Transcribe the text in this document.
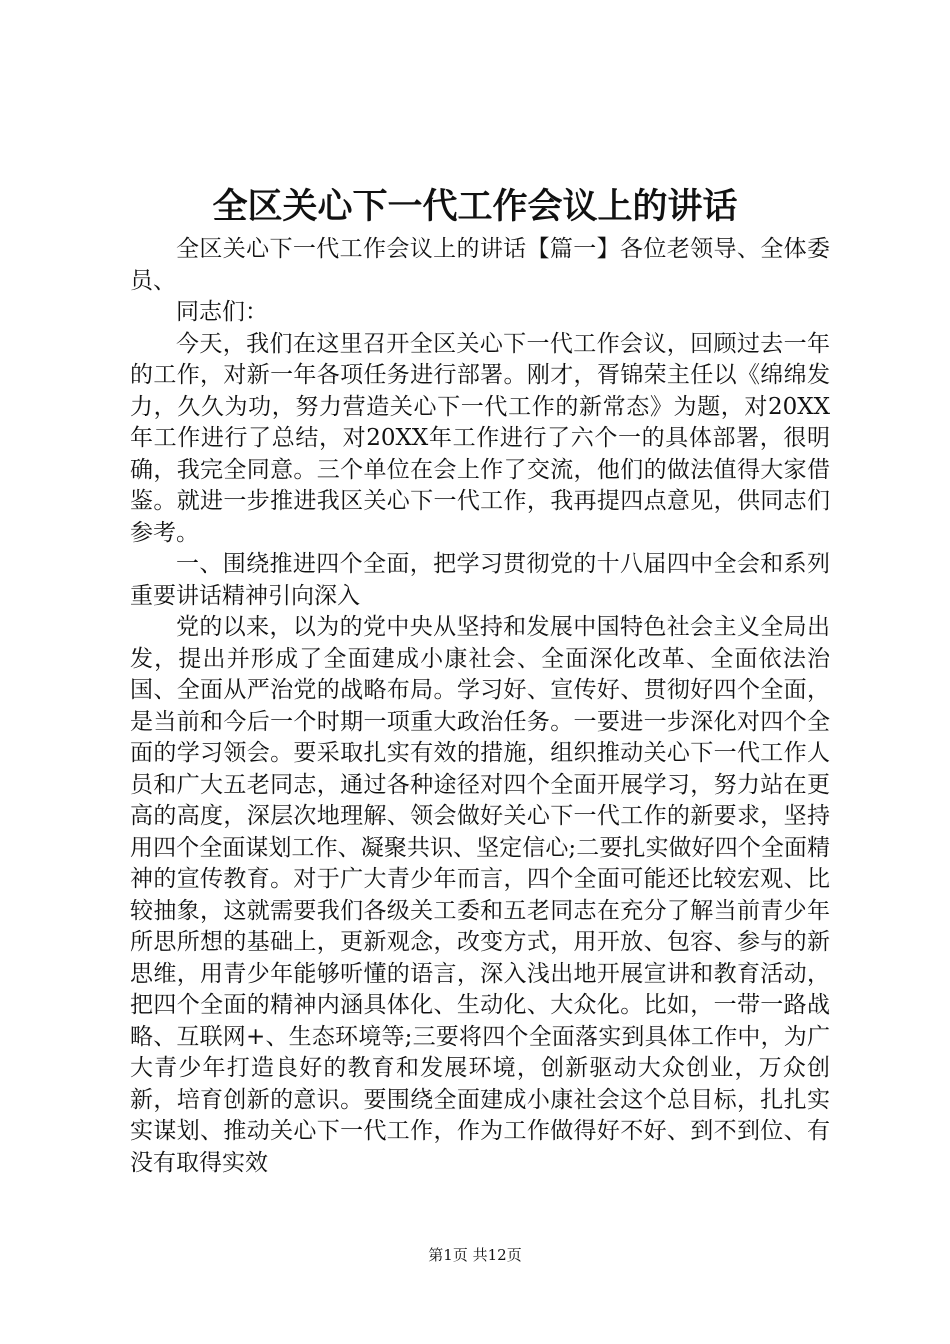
全区关心下一代工作会议上的讲话

全区关心下一代工作会议上的讲话【篇一】各位老领导、全体委员、

同志们：

今天，我们在这里召开全区关心下一代工作会议，回顾过去一年的工作，对新一年各项任务进行部署。刚才，胥锦荣主任以《绵绵发力，久久为功，努力营造关心下一代工作的新常态》为题，对20XX年工作进行了总结，对20XX年工作进行了六个一的具体部署，很明确，我完全同意。三个单位在会上作了交流，他们的做法值得大家借鉴。就进一步推进我区关心下一代工作，我再提四点意见，供同志们参考。

一、围绕推进四个全面，把学习贯彻党的十八届四中全会和系列重要讲话精神引向深入

党的以来，以为的党中央从坚持和发展中国特色社会主义全局出发，提出并形成了全面建成小康社会、全面深化改革、全面依法治国、全面从严治党的战略布局。学习好、宣传好、贯彻好四个全面，是当前和今后一个时期一项重大政治任务。一要进一步深化对四个全面的学习领会。要采取扎实有效的措施，组织推动关心下一代工作人员和广大五老同志，通过各种途径对四个全面开展学习，努力站在更高的高度，深层次地理解、领会做好关心下一代工作的新要求，坚持用四个全面谋划工作、凝聚共识、坚定信心;二要扎实做好四个全面精神的宣传教育。对于广大青少年而言，四个全面可能还比较宏观、比较抽象，这就需要我们各级关工委和五老同志在充分了解当前青少年所思所想的基础上，更新观念，改变方式，用开放、包容、参与的新思维，用青少年能够听懂的语言，深入浅出地开展宣讲和教育活动，把四个全面的精神内涵具体化、生动化、大众化。比如，一带一路战略、互联网+、生态环境等;三要将四个全面落实到具体工作中，为广大青少年打造良好的教育和发展环境，创新驱动大众创业，万众创新，培育创新的意识。要围绕全面建成小康社会这个总目标，扎扎实实谋划、推动关心下一代工作，作为工作做得好不好、到不到位、有没有取得实效

第1页 共12页
